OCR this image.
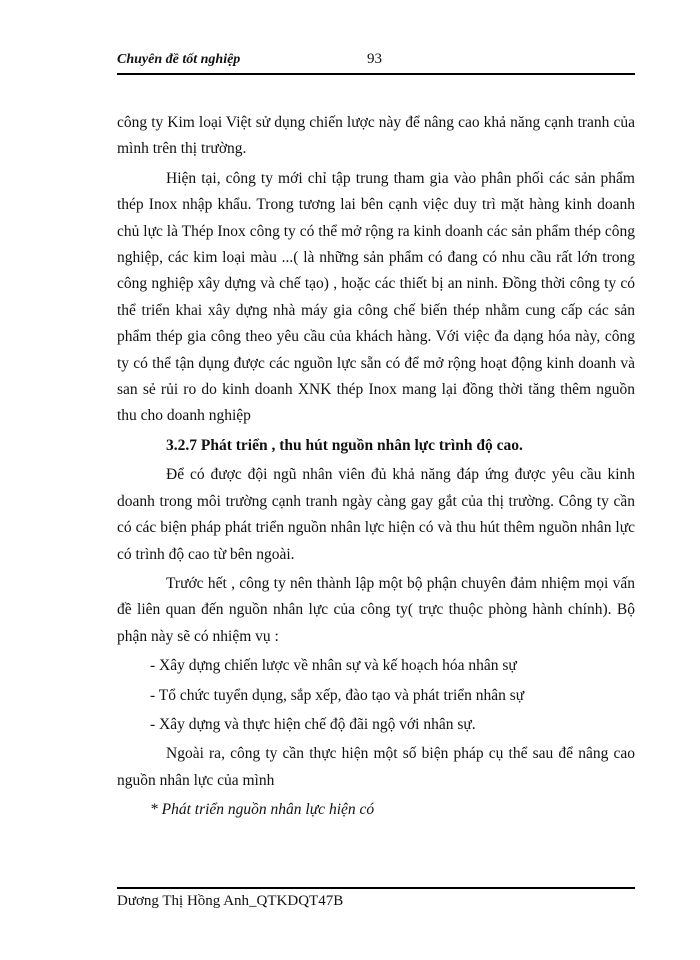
Chuyên đề tốt nghiệp	93

công ty Kim loại Việt sử dụng chiến lược này để nâng cao khả năng cạnh tranh của mình trên thị trường.

Hiện tại, công ty mới chỉ tập trung tham gia vào phân phối các sản phẩm thép Inox nhập khẩu. Trong tương lai bên cạnh việc duy trì mặt hàng kinh doanh chủ lực là Thép Inox công ty có thể mở rộng ra kinh doanh các sản phẩm thép công nghiệp, các kim loại màu ...( là những sản phẩm có đang có nhu cầu rất lớn trong công nghiệp xây dựng và chế tạo) , hoặc các thiết bị an ninh. Đồng thời công ty có thể triển khai xây dựng nhà máy gia công chế biến thép nhằm cung cấp các sản phẩm thép gia công theo yêu cầu của khách hàng. Với việc đa dạng hóa này, công ty có thể tận dụng được các nguồn lực sẵn có để mở rộng hoạt động kinh doanh và san sẻ rủi ro do kinh doanh XNK thép Inox mang lại đồng thời tăng thêm nguồn thu cho doanh nghiệp

3.2.7 Phát triển , thu hút nguồn nhân lực trình độ cao.

Để có được đội ngũ nhân viên đủ khả năng đáp ứng được yêu cầu kinh doanh trong môi trường cạnh tranh ngày càng gay gắt của thị trường. Công ty cần có các biện pháp phát triển nguồn nhân lực hiện có và thu hút thêm nguồn nhân lực có trình độ cao từ bên ngoài.

Trước hết , công ty nên thành lập một bộ phận chuyên đảm nhiệm mọi vấn đề liên quan đến nguồn nhân lực của công ty( trực thuộc phòng hành chính). Bộ phận này sẽ có nhiệm vụ :

- Xây dựng chiến lược về nhân sự và kế hoạch hóa nhân sự

- Tổ chức tuyển dụng, sắp xếp, đào tạo và phát triển nhân sự

- Xây dựng và thực hiện chế độ đãi ngộ với nhân sự.

Ngoài ra, công ty cần thực hiện một số biện pháp cụ thể sau để nâng cao nguồn nhân lực của mình

* Phát triển nguồn nhân lực hiện có

Dương Thị Hồng Anh_QTKDQT47B
